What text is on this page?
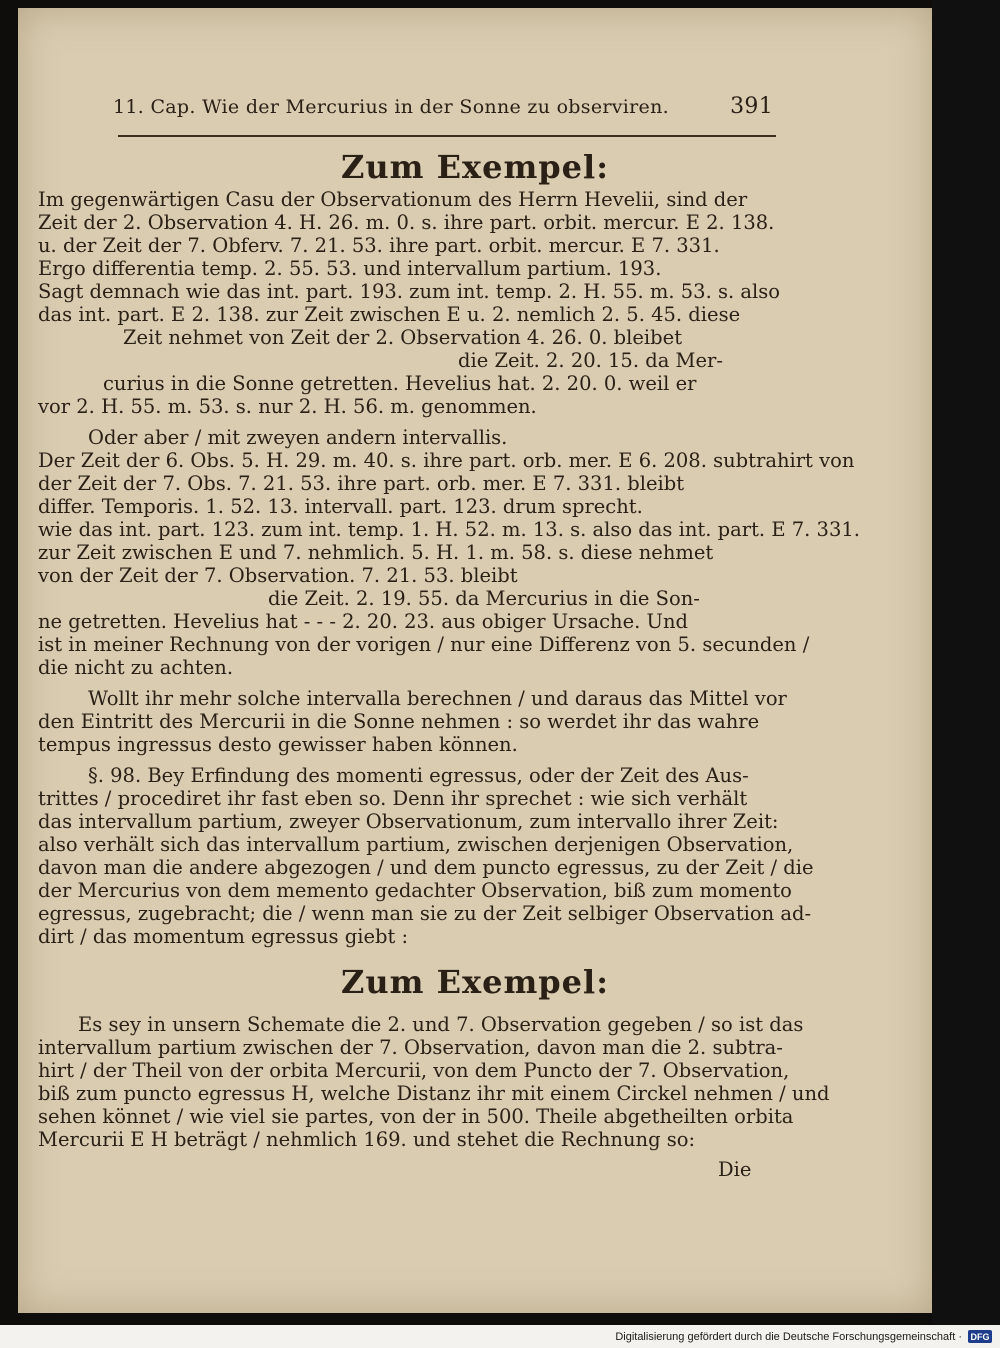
11. Cap. Wie der Mercurius in der Sonne zu observiren.	391
Zum Exempel:
Im gegenwärtigen Casu der Observationum des Herrn Hevelii, sind der
Zeit der 2. Observation 4. H. 26. m. 0. s. ihre part. orbit. mercur. E 2. 138.
u. der Zeit der 7. Obferv. 7. 21. 53. ihre part. orbit. mercur. E 7. 331.
Ergo differentia temp. 2. 55. 53. und intervallum partium. 193.
Sagt demnach wie das int. part. 193. zum int. temp. 2. H. 55. m. 53. s. also
das int. part. E 2. 138. zur Zeit zwischen E u. 2. nemlich 2. 5. 45. diese
Zeit nehmet von Zeit der 2. Observation 4. 26. 0. bleibet
die Zeit. 2. 20. 15. da Mer-
curius in die Sonne getretten. Hevelius hat. 2. 20. 0. weil er
vor 2. H. 55. m. 53. s. nur 2. H. 56. m. genommen.
Oder aber / mit zweyen andern intervallis.
Der Zeit der 6. Obs. 5. H. 29. m. 40. s. ihre part. orb. mer. E 6. 208. subtrahirt von
der Zeit der 7. Obs. 7. 21. 53. ihre part. orb. mer. E 7. 331. bleibt
differ. Temporis. 1. 52. 13. intervall. part. 123. drum sprecht.
wie das int. part. 123. zum int. temp. 1. H. 52. m. 13. s. also das int. part. E 7. 331.
zur Zeit zwischen E und 7. nehmlich. 5. H. 1. m. 58. s. diese nehmet
von der Zeit der 7. Observation. 7. 21. 53. bleibt
die Zeit. 2. 19. 55. da Mercurius in die Son-
ne getretten. Hevelius hat - - - 2. 20. 23. aus obiger Ursache. Und
ist in meiner Rechnung von der vorigen / nur eine Differenz von 5. secunden /
die nicht zu achten.
Wollt ihr mehr solche intervalla berechnen / und daraus das Mittel vor
den Eintritt des Mercurii in die Sonne nehmen : so werdet ihr das wahre
tempus ingressus desto gewisser haben können.
§. 98. Bey Erfindung des momenti egressus, oder der Zeit des Aus-
trittes / procediret ihr fast eben so. Denn ihr sprechet : wie sich verhält
das intervallum partium, zweyer Observationum, zum intervallo ihrer Zeit:
also verhält sich das intervallum partium, zwischen derjenigen Observation,
davon man die andere abgezogen / und dem puncto egressus, zu der Zeit / die
der Mercurius von dem memento gedachter Observation, biß zum momento
egressus, zugebracht; die / wenn man sie zu der Zeit selbiger Observation ad-
dirt / das momentum egressus giebt :
Zum Exempel:
Es sey in unsern Schemate die 2. und 7. Observation gegeben / so ist das
intervallum partium zwischen der 7. Observation, davon man die 2. subtra-
hirt / der Theil von der orbita Mercurii, von dem Puncto der 7. Observation,
biß zum puncto egressus H, welche Distanz ihr mit einem Circkel nehmen / und
sehen könnet / wie viel sie partes, von der in 500. Theile abgetheilten orbita
Mercurii E H beträgt / nehmlich 169. und stehet die Rechnung so:
Die
Digitalisierung gefördert durch die Deutsche Forschungsgemeinschaft · DFG
